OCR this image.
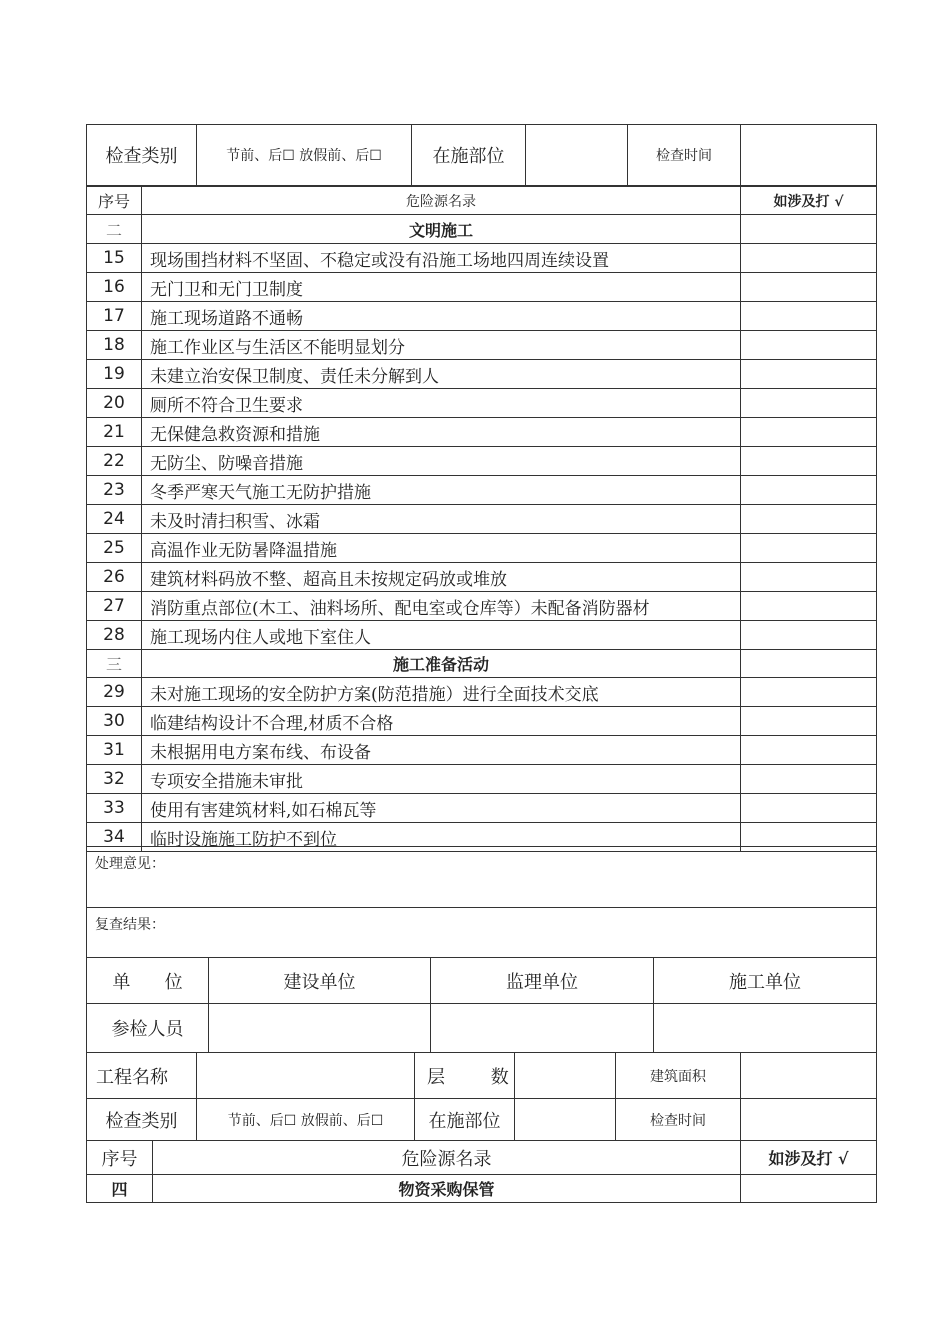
检查类别	节前、后☐ 放假前、后☐	在施部位		检查时间	
序号	危险源名录	如涉及打 √
二	文明施工	
15	现场围挡材料不坚固、不稳定或没有沿施工场地四周连续设置	
16	无门卫和无门卫制度	
17	施工现场道路不通畅	
18	施工作业区与生活区不能明显划分	
19	未建立治安保卫制度、责任未分解到人	
20	厕所不符合卫生要求	
21	无保健急救资源和措施	
22	无防尘、防噪音措施	
23	冬季严寒天气施工无防护措施	
24	未及时清扫积雪、冰霜	
25	高温作业无防暑降温措施	
26	建筑材料码放不整、超高且未按规定码放或堆放	
27	消防重点部位(木工、油料场所、配电室或仓库等）未配备消防器材	
28	施工现场内住人或地下室住人	
三	施工准备活动	
29	未对施工现场的安全防护方案(防范措施）进行全面技术交底	
30	临建结构设计不合理,材质不合格	
31	未根据用电方案布线、布设备	
32	专项安全措施未审批	
33	使用有害建筑材料,如石棉瓦等	
34	临时设施施工防护不到位	
处理意见：
复查结果：
单      位	建设单位	监理单位	施工单位
参检人员			
工程名称		层        数		建筑面积	
检查类别	节前、后☐ 放假前、后☐	在施部位		检查时间	
序号	危险源名录	如涉及打 √
四	物资采购保管	
